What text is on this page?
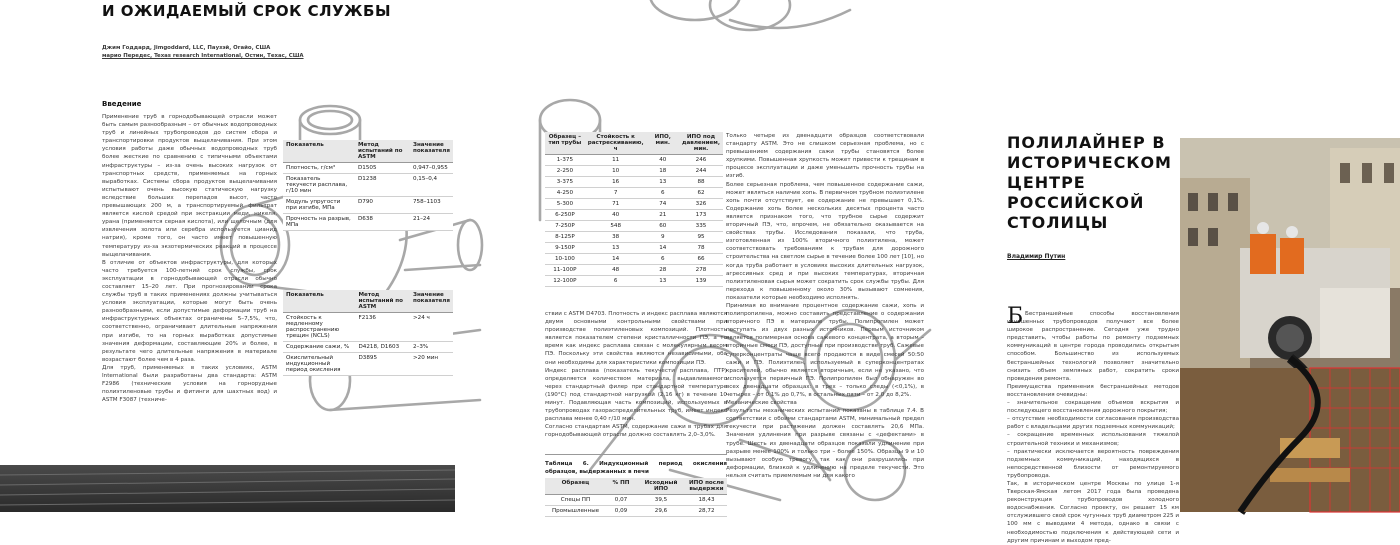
И ОЖИДАЕМЫЙ СРОК СЛУЖБЫ
Джим Годдард, Jimgoddard, LLC, Паузэй, Огайо, США
марио Передес, Texas research International, Остин, Техас, США
Введение
Применение труб в горнодобывающей отрасли может быть самым разнообразным – от обычных водопроводных труб и линейных трубопроводов до систем сбора и транспортировки продуктов выщелачивания. При этом условия работы даже обычных водопроводных труб более жесткие по сравнению с типичными объектами инфраструктуры – из-за очень высоких нагрузок от транспортных средств, применяемых на горных выработках. Системы сбора продуктов выщелачивания испытывают очень высокую статическую нагрузку вследствие больших перепадов высот, часто превышающих 200 м, а транспортируемый фильтрат является кислой средой при экстракции меди, никеля, урана (применяется серная кислота), или щелочным (для извлечения золота или серебра используется цианид натрия), кроме того, он часто имеет повышенную температуру из-за экзотермических реакций в процессе выщелачивания.
В отличие от объектов инфраструктуры, для которых часто требуется 100-летний срок службы, срок эксплуатации в горнодобывающей отрасли обычно составляет 15–20 лет. При прогнозировании срока службы труб в таких применениях должны учитываться условия эксплуатации, которые могут быть очень разнообразными, если допустимые деформации труб на инфраструктурных объектах ограничены 5–7,5%, что, соответственно, ограничивает длительные напряжения при изгибе, то на горных выработках допустимые значения деформации, составляющие 20% и более, в результате чего длительные напряжения в материале возрастают более чем в 4 раза.
Для труб, применяемых в таких условиях, ASTM International были разработаны два стандарта: ASTM F2986 (технические условия на горнорудные полиэтиленовые трубы и фитинги для шахтных вод) и ASTM F3087 (техниче-
Показатель	Метод испытаний по ASTM	Значение показателя
Плотность, г/см³	D1505	0,947–0,955
Показатель текучести расплава, г/10 мин	D1238	0,15–0,4
Модуль упругости при изгибе, МПа	D790	758–1103
Прочность на разрыв, МПа	D638	21–24
Показатель	Метод испытаний по ASTM	Значение показателя
Стойкость к медленному распространению трещин (NCLS)	F2136	>24 ч
Содержание сажи, %	D4218, D1603	2–3%
Окислительный индукционный период окисления	D3895	>20 мин
Образец – тип трубы	Стойкость к растрескиванию, ч	ИПО, мин.	ИПО под давлением, мин.
1-375	11	40	246
2-250	10	18	244
3-375	16	13	88
4-250	7	6	62
5-300	71	74	326
6-250P	40	21	173
7-250P	548	60	335
8-125P	38	9	95
9-150P	13	14	78
10-100	14	6	66
11-100P	48	28	278
12-100P	6	13	139
ствии с ASTM D4703. Плотность и индекс расплава являются двумя основными контрольными свойствами при производстве полиэтиленовых композиций. Плотность является показателем степени кристалличности ПЭ, а то время как индекс расплава связан с молекулярным весом ПЭ. Поскольку эти свойства являются независимыми, оба они необходимы для характеристики композиции ПЭ.
Индекс расплава (показатель текучести расплава, ПТР) определяется количеством материала, выдавливаемого через стандартный филер при стандартной температуре (190°С) под стандартной нагрузкой (2,16 кг) в течение 10 минут. Подавляющая часть композиций, используемых в трубопроводах газораспределительных труб, имеет индекс расплава менее 0,40 г/10 мин.
Согласно стандартам ASTM, содержание сажи в трубах для горнодобывающей отрасли должно составлять 2,0–3,0%.
Таблица 6. Индукционный период окисления образцов, выдержанных в печи
Образец	% ПП	Исходный ИПО	ИПО после выдержки
Спецы ПП	0,07	39,5	18,43
Промышленные	0,09	29,6	28,72
Только четыре из двенадцати образцов соответствовали стандарту ASTM. Это не слишком серьезная проблема, но с превышением содержания сажи трубы становятся более хрупкими. Повышенная хрупкость может привести к трещинам в процессе эксплуатации и даже уменьшить прочность трубы на изгиб.
Более серьезная проблема, чем повышенное содержание сажи, может являться наличие хопь. В первичном трубном полиэтилене хопь почти отсутствует, ее содержание не превышает 0,1%. Содержание хопь более нескольких десятых процента часто является признаком того, что трубное сырье содержит вторичный ПЭ, что, впрочем, не обязательно оказывается на свойствах трубы. Исследования показали, что труба, изготовленная из 100% вторичного полиэтилена, может соответствовать требованиям к трубам для дорожного строительства на светлом сырье в течение более 100 лет [10], но когда труба работает в условиях высоких длительных нагрузок, агрессивных сред и при высоких температурах, вторичная полиэтиленовая сырья может сократить срок службы трубы. Для перехода к повышенному около 30% вызывают сомнения, показатели которые необходимо исполнять.
Принимая во внимание процентное содержание сажи, хопь и полипропилена, можно составить представление о содержании вторичного ПЭ в материале трубы. Полипропилен может поступать из двух разных источников. Первым источником является полимерная основа сажевого концентрата, а вторым – вторичные смеси ПЭ, доступные при производстве труб. Сажевые суперконцентраты чаще всего продаются в виде смесей 50:50 сажи и ПЭ. Полиэтилен, используемый в суперконцентратах красителей, обычно является вторичным, если не указано, что используется первичный ПЭ. Полипропилен был обнаружен во всех двенадцати образцах: в трех – только следы (<0,1%), в четырех – от 0,1% до 0,7%, в остальных пяти – от 2,0 до 8,2%.
Механические свойства
Результаты механических испытаний показаны в таблице 7.4. В соответствии с обоими стандартами ASTM, минимальный предел текучести при растяжении должен составлять 20,6 МПа. Значения удлинения при разрыве связаны с «дефектами» в трубе. Шесть из двенадцати образцов показали удлинение при разрыве менее 100% и только три – более 150%. Образцы 9 и 10 вызывают особую тревогу, так как они разрушились при деформации, близкой к удлинению на пределе текучести. Это нельзя считать приемлемым ни для какого
ПОЛИЛАЙНЕР В ИСТОРИЧЕСКОМ ЦЕНТРЕ РОССИЙСКОЙ СТОЛИЦЫ
Владимир Путин
Б Бестраншейные способы восстановления изношенных трубопроводов получают все более широкое распространение. Сегодня уже трудно представить, чтобы работы по ремонту подземных коммуникаций в центре города проводились открытым способом. Большинство из используемых бестраншейных технологий позволяет значительно снизить объем земляных работ, сократить сроки проведения ремонта.
Преимущества применения бестраншейных методов восстановления очевидны:
– значительное сокращение объемов вскрытия и последующего восстановления дорожного покрытия;
– отсутствие необходимости согласования производства работ с владельцами других подземных коммуникаций;
– сокращение временных использования тяжелой строительной техники и механизмов;
– практически исключается вероятность повреждения подземных коммуникаций, находящихся в непосредственной близости от ремонтируемого трубопровода.
Так, в историческом центре Москвы по улице 1-я Тверская-Ямская летом 2017 года была проведена реконструкция трубопроводов холодного водоснабжения. Согласно проекту, он решает 15 км отслужившего свой срок чугунных труб диаметром 225 и 100 мм с выводами 4 метода, однако в связи с необходимостью подключения к действующей сети и другим причинам и выходом пред-
